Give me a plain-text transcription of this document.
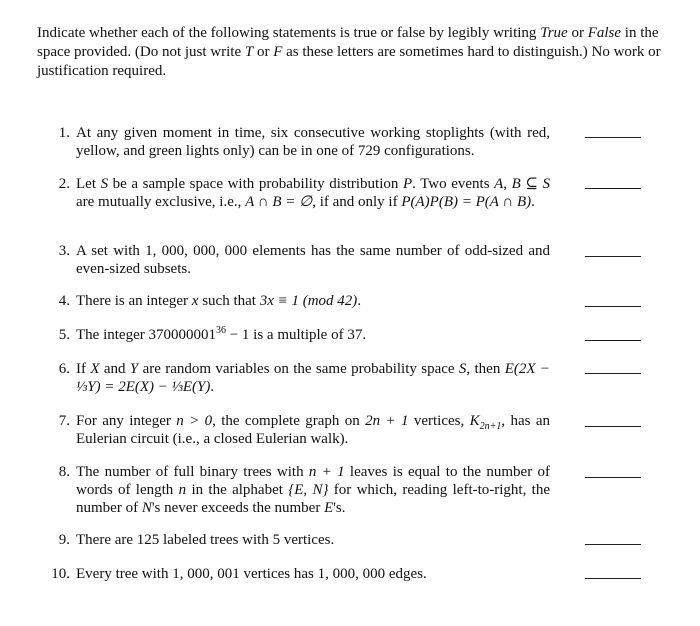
Indicate whether each of the following statements is true or false by legibly writing True or False in the space provided. (Do not just write T or F as these letters are sometimes hard to distinguish.) No work or justification required.
1. At any given moment in time, six consecutive working stoplights (with red, yellow, and green lights only) can be in one of 729 configurations.
2. Let S be a sample space with probability distribution P. Two events A, B ⊆ S are mutually exclusive, i.e., A ∩ B = ∅, if and only if P(A)P(B) = P(A ∩ B).
3. A set with 1, 000, 000, 000 elements has the same number of odd-sized and even-sized subsets.
4. There is an integer x such that 3x ≡ 1 (mod 42).
5. The integer $370000001^{36} - 1$ is a multiple of 37.
6. If X and Y are random variables on the same probability space S, then E(2X − ⅓Y) = 2E(X) − ⅓E(Y).
7. For any integer n > 0, the complete graph on 2n + 1 vertices, $K_{2n+1}$, has an Eulerian circuit (i.e., a closed Eulerian walk).
8. The number of full binary trees with n + 1 leaves is equal to the number of words of length n in the alphabet {E, N} for which, reading left-to-right, the number of N's never exceeds the number E's.
9. There are 125 labeled trees with 5 vertices.
10. Every tree with 1, 000, 001 vertices has 1, 000, 000 edges.
